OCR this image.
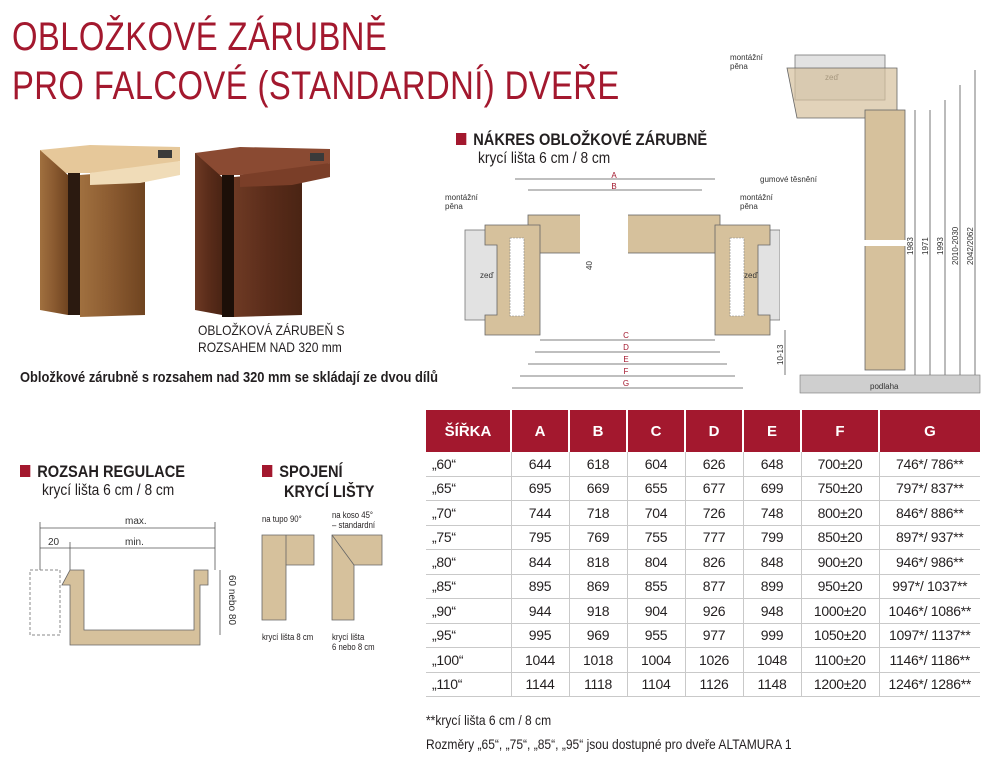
OBLOŽKOVÉ ZÁRUBNĚ
PRO FALCOVÉ (STANDARDNÍ) DVEŘE
OBLOŽKOVÁ ZÁRUBEŇ S
ROZSAHEM NAD 320 mm
Obložkové zárubně s rozsahem nad 320 mm se skládají ze dvou dílů
NÁKRES OBLOŽKOVÉ ZÁRUBNĚ
krycí lišta 6 cm / 8 cm
A
B
40
zeď	zeď
montážní
pěna
montážní
pěna
C
D
E
F
G
montážní
pěna
gumové těsnění
1983 1971 1993 2010-2030 2042/2062
10-13
podlaha
ROZSAH REGULACE
krycí lišta 6 cm / 8 cm
max.
min.
20
60 nebo 80
SPOJENÍ
KRYCÍ LIŠTY
na tupo 90°	na koso 45°
– standardní
krycí lišta 8 cm krycí lišta
6 nebo 8 cm
ŠÍŘKA	A	B	C	D	E	F	G
„60“	644	618	604	626	648	700±20	746*/ 786**
„65“	695	669	655	677	699	750±20	797*/ 837**
„70“	744	718	704	726	748	800±20	846*/ 886**
„75“	795	769	755	777	799	850±20	897*/ 937**
„80“	844	818	804	826	848	900±20	946*/ 986**
„85“	895	869	855	877	899	950±20	997*/ 1037**
„90“	944	918	904	926	948	1000±20	1046*/ 1086**
„95“	995	969	955	977	999	1050±20	1097*/ 1137**
„100“	1044	1018	1004	1026	1048	1100±20	1146*/ 1186**
„110“	1144	1118	1104	1126	1148	1200±20	1246*/ 1286**
**krycí lišta 6 cm / 8 cm
Rozměry „65“, „75“, „85“, „95“ jsou dostupné pro dveře ALTAMURA 1
